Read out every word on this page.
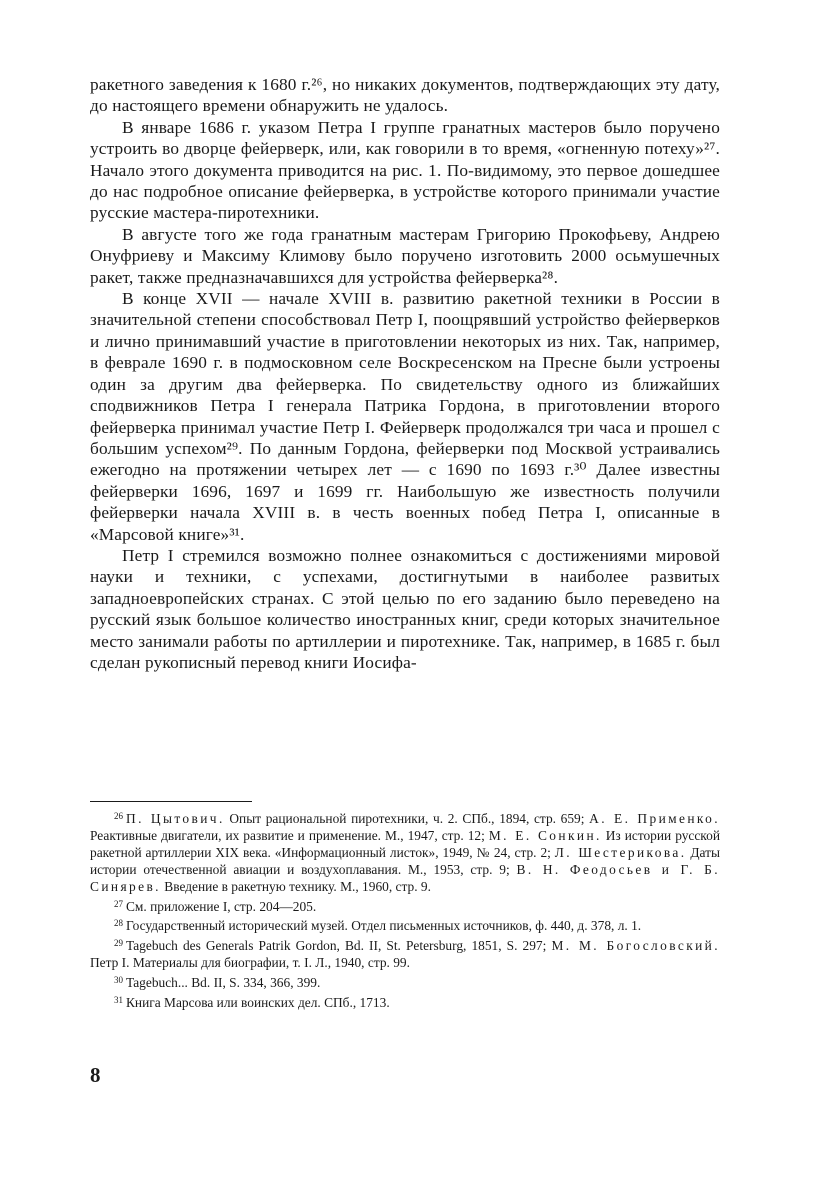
ракетного заведения к 1680 г.²⁶, но никаких документов, подтверждающих эту дату, до настоящего времени обнаружить не удалось.

В январе 1686 г. указом Петра I группе гранатных мастеров было поручено устроить во дворце фейерверк, или, как говорили в то время, «огненную потеху»²⁷. Начало этого документа приводится на рис. 1. По-видимому, это первое дошедшее до нас подробное описание фейерверка, в устройстве которого принимали участие русские мастера-пиротехники.

В августе того же года гранатным мастерам Григорию Прокофьеву, Андрею Онуфриеву и Максиму Климову было поручено изготовить 2000 осьмушечных ракет, также предназначавшихся для устройства фейерверка²⁸.

В конце XVII — начале XVIII в. развитию ракетной техники в России в значительной степени способствовал Петр I, поощрявший устройство фейерверков и лично принимавший участие в приготовлении некоторых из них. Так, например, в феврале 1690 г. в подмосковном селе Воскресенском на Пресне были устроены один за другим два фейерверка. По свидетельству одного из ближайших сподвижников Петра I генерала Патрика Гордона, в приготовлении второго фейерверка принимал участие Петр I. Фейерверк продолжался три часа и прошел с большим успехом²⁹. По данным Гордона, фейерверки под Москвой устраивались ежегодно на протяжении четырех лет — с 1690 по 1693 г.³⁰ Далее известны фейерверки 1696, 1697 и 1699 гг. Наибольшую же известность получили фейерверки начала XVIII в. в честь военных побед Петра I, описанные в «Марсовой книге»³¹.

Петр I стремился возможно полнее ознакомиться с достижениями мировой науки и техники, с успехами, достигнутыми в наиболее развитых западноевропейских странах. С этой целью по его заданию было переведено на русский язык большое количество иностранных книг, среди которых значительное место занимали работы по артиллерии и пиротехнике. Так, например, в 1685 г. был сделан рукописный перевод книги Иосифа-

$^{26}$ П. Цытович. Опыт рациональной пиротехники, ч. 2. СПб., 1894, стр. 659; А. Е. Применко. Реактивные двигатели, их развитие и применение. М., 1947, стр. 12; М. Е. Сонкин. Из истории русской ракетной артиллерии XIX века. «Информационный листок», 1949, № 24, стр. 2; Л. Шестерикова. Даты истории отечественной авиации и воздухоплавания. М., 1953, стр. 9; В. Н. Феодосьев и Г. Б. Синярев. Введение в ракетную технику. М., 1960, стр. 9.

$^{27}$ См. приложение I, стр. 204—205.

$^{28}$ Государственный исторический музей. Отдел письменных источников, ф. 440, д. 378, л. 1.

$^{29}$ Tagebuch des Generals Patrik Gordon, Bd. II, St. Petersburg, 1851, S. 297; М. М. Богословский. Петр I. Материалы для биографии, т. I. Л., 1940, стр. 99.

$^{30}$ Tagebuch... Bd. II, S. 334, 366, 399.

$^{31}$ Книга Марсова или воинских дел. СПб., 1713.

8
